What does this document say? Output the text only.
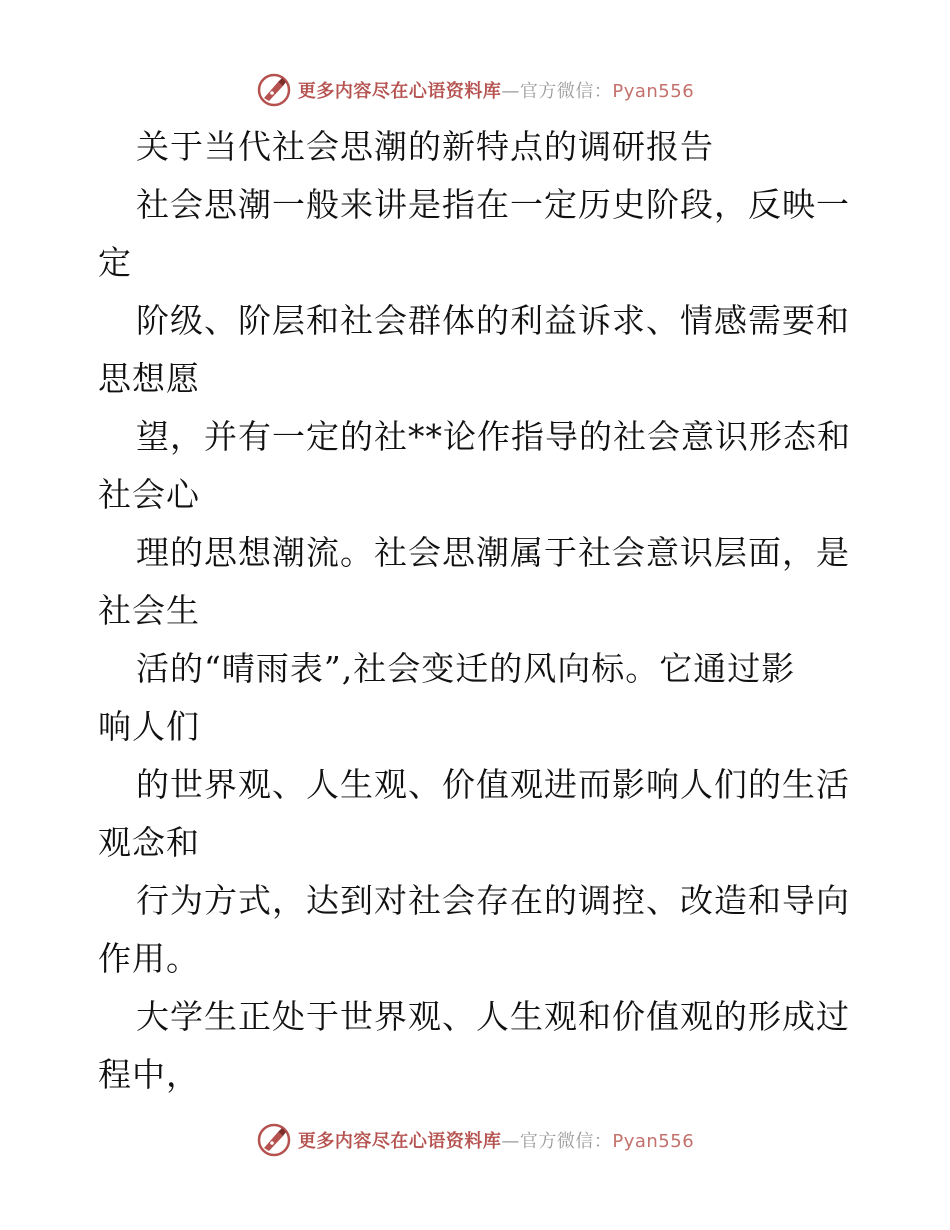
更多内容尽在心语资料库—官方微信：Pyan556
关于当代社会思潮的新特点的调研报告
社会思潮一般来讲是指在一定历史阶段，反映一
定
阶级、阶层和社会群体的利益诉求、情感需要和
思想愿
望，并有一定的社**论作指导的社会意识形态和
社会心
理的思想潮流。社会思潮属于社会意识层面，是
社会生
活的“晴雨表”,社会变迁的风向标。它通过影
响人们
的世界观、人生观、价值观进而影响人们的生活
观念和
行为方式，达到对社会存在的调控、改造和导向
作用。
大学生正处于世界观、人生观和价值观的形成过
程中，
更多内容尽在心语资料库—官方微信：Pyan556
